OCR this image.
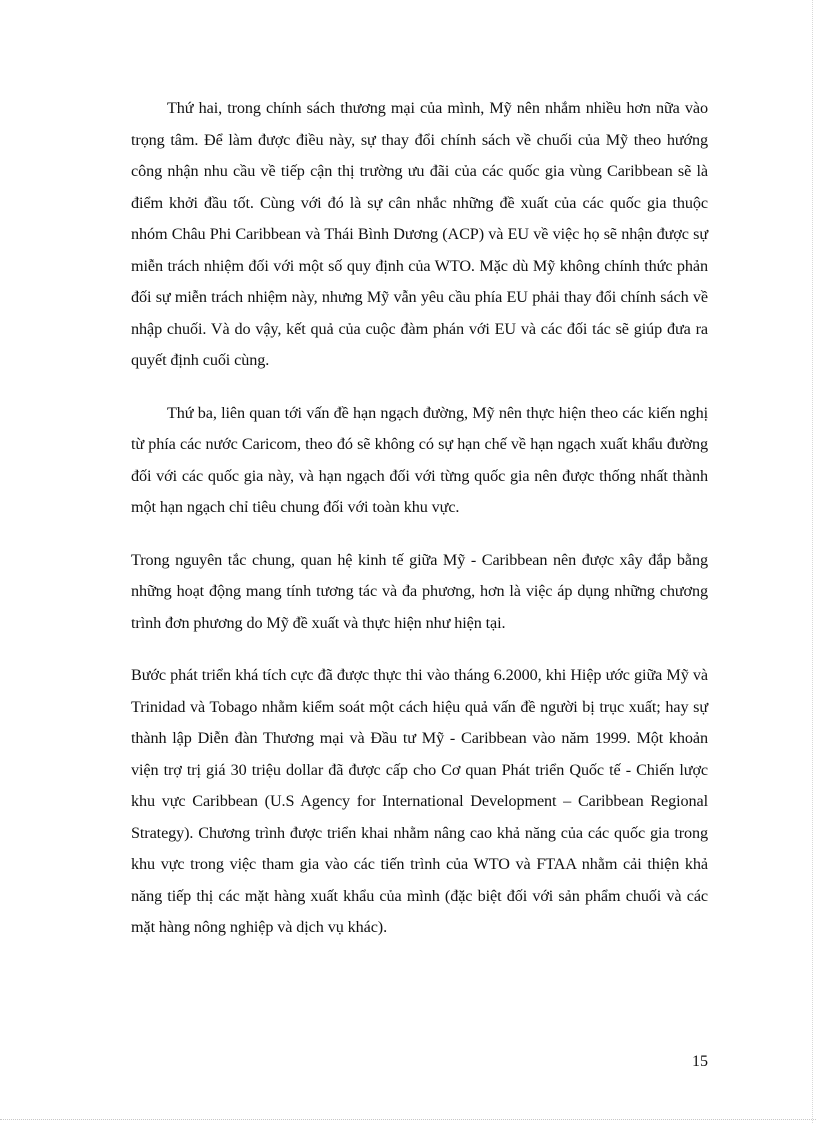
Thứ hai, trong chính sách thương mại của mình, Mỹ nên nhắm nhiều hơn nữa vào trọng tâm. Để làm được điều này, sự thay đổi chính sách về chuối của Mỹ theo hướng công nhận nhu cầu về tiếp cận thị trường ưu đãi của các quốc gia vùng Caribbean sẽ là điểm khởi đầu tốt. Cùng với đó là sự cân nhắc những đề xuất của các quốc gia thuộc nhóm Châu Phi Caribbean và Thái Bình Dương (ACP) và EU về việc họ sẽ nhận được sự miễn trách nhiệm đối với một số quy định của WTO. Mặc dù Mỹ không chính thức phản đối sự miễn trách nhiệm này, nhưng Mỹ vẫn yêu cầu phía EU phải thay đổi chính sách về nhập chuối. Và do vậy, kết quả của cuộc đàm phán với EU và các đối tác sẽ giúp đưa ra quyết định cuối cùng.

Thứ ba, liên quan tới vấn đề hạn ngạch đường, Mỹ nên thực hiện theo các kiến nghị từ phía các nước Caricom, theo đó sẽ không có sự hạn chế về hạn ngạch xuất khẩu đường đối với các quốc gia này, và hạn ngạch đối với từng quốc gia nên được thống nhất thành một hạn ngạch chỉ tiêu chung đối với toàn khu vực.

Trong nguyên tắc chung, quan hệ kinh tế giữa Mỹ - Caribbean nên được xây đắp bằng những hoạt động mang tính tương tác và đa phương, hơn là việc áp dụng những chương trình đơn phương do Mỹ đề xuất và thực hiện như hiện tại.

Bước phát triển khá tích cực đã được thực thi vào tháng 6.2000, khi Hiệp ước giữa Mỹ và Trinidad và Tobago nhằm kiểm soát một cách hiệu quả vấn đề người bị trục xuất; hay sự thành lập Diễn đàn Thương mại và Đầu tư Mỹ - Caribbean vào năm 1999. Một khoản viện trợ trị giá 30 triệu dollar đã được cấp cho Cơ quan Phát triển Quốc tế - Chiến lược khu vực Caribbean (U.S Agency for International Development – Caribbean Regional Strategy). Chương trình được triển khai nhằm nâng cao khả năng của các quốc gia trong khu vực trong việc tham gia vào các tiến trình của WTO và FTAA nhằm cải thiện khả năng tiếp thị các mặt hàng xuất khẩu của mình (đặc biệt đối với sản phẩm chuối và các mặt hàng nông nghiệp và dịch vụ khác).

15
